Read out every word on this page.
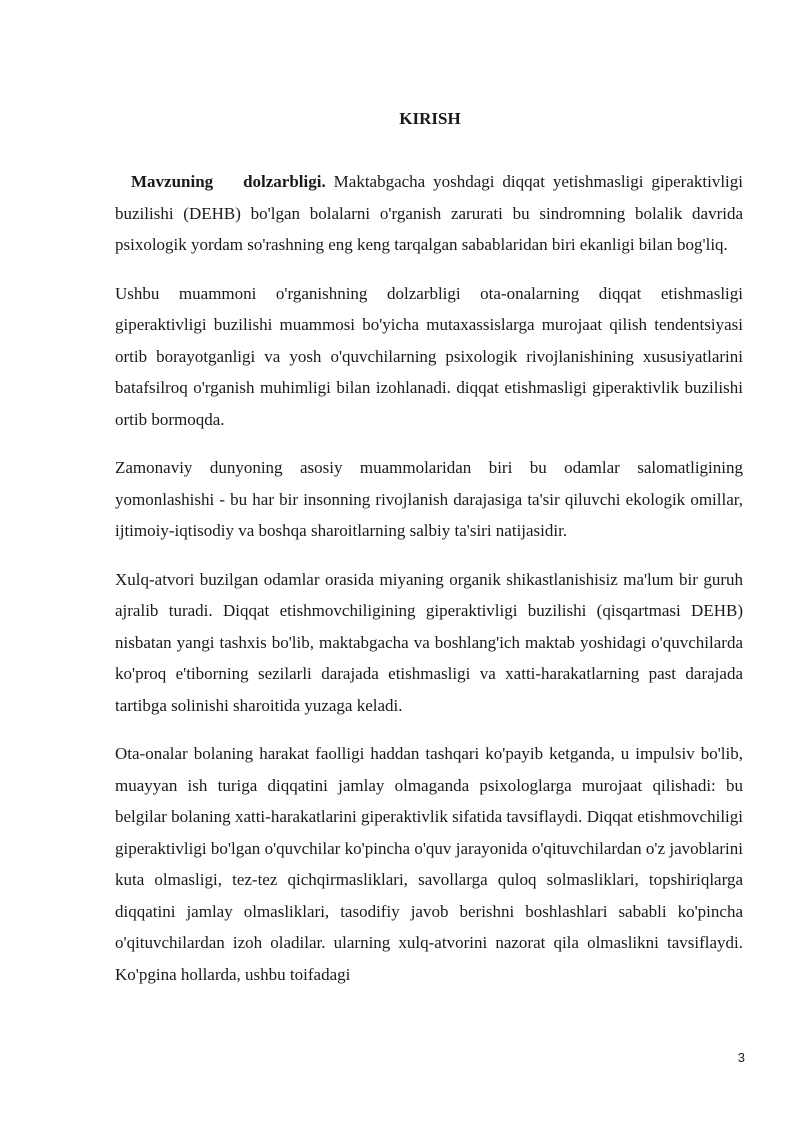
KIRISH

Mavzuning dolzarbligi. Maktabgacha yoshdagi diqqat yetishmasligi giperaktivligi buzilishi (DEHB) bo'lgan bolalarni o'rganish zarurati bu sindromning bolalik davrida psixologik yordam so'rashning eng keng tarqalgan sabablaridan biri ekanligi bilan bog'liq.

Ushbu muammoni o'rganishning dolzarbligi ota-onalarning diqqat etishmasligi giperaktivligi buzilishi muammosi bo'yicha mutaxassislarga murojaat qilish tendentsiyasi ortib borayotganligi va yosh o'quvchilarning psixologik rivojlanishining xususiyatlarini batafsilroq o'rganish muhimligi bilan izohlanadi. diqqat etishmasligi giperaktivlik buzilishi ortib bormoqda.

Zamonaviy dunyoning asosiy muammolaridan biri bu odamlar salomatligining yomonlashishi - bu har bir insonning rivojlanish darajasiga ta'sir qiluvchi ekologik omillar, ijtimoiy-iqtisodiy va boshqa sharoitlarning salbiy ta'siri natijasidir.

Xulq-atvori buzilgan odamlar orasida miyaning organik shikastlanishisiz ma'lum bir guruh ajralib turadi. Diqqat etishmovchiligining giperaktivligi buzilishi (qisqartmasi DEHB) nisbatan yangi tashxis bo'lib, maktabgacha va boshlang'ich maktab yoshidagi o'quvchilarda ko'proq e'tiborning sezilarli darajada etishmasligi va xatti-harakatlarning past darajada tartibga solinishi sharoitida yuzaga keladi.

Ota-onalar bolaning harakat faolligi haddan tashqari ko'payib ketganda, u impulsiv bo'lib, muayyan ish turiga diqqatini jamlay olmaganda psixologlarga murojaat qilishadi: bu belgilar bolaning xatti-harakatlarini giperaktivlik sifatida tavsiflaydi. Diqqat etishmovchiligi giperaktivligi bo'lgan o'quvchilar ko'pincha o'quv jarayonida o'qituvchilardan o'z javoblarini kuta olmasligi, tez-tez qichqirmasliklari, savollarga quloq solmasliklari, topshiriqlarga diqqatini jamlay olmasliklari, tasodifiy javob berishni boshlashlari sababli ko'pincha o'qituvchilardan izoh oladilar. ularning xulq-atvorini nazorat qila olmaslikni tavsiflaydi. Ko'pgina hollarda, ushbu toifadagi

3
